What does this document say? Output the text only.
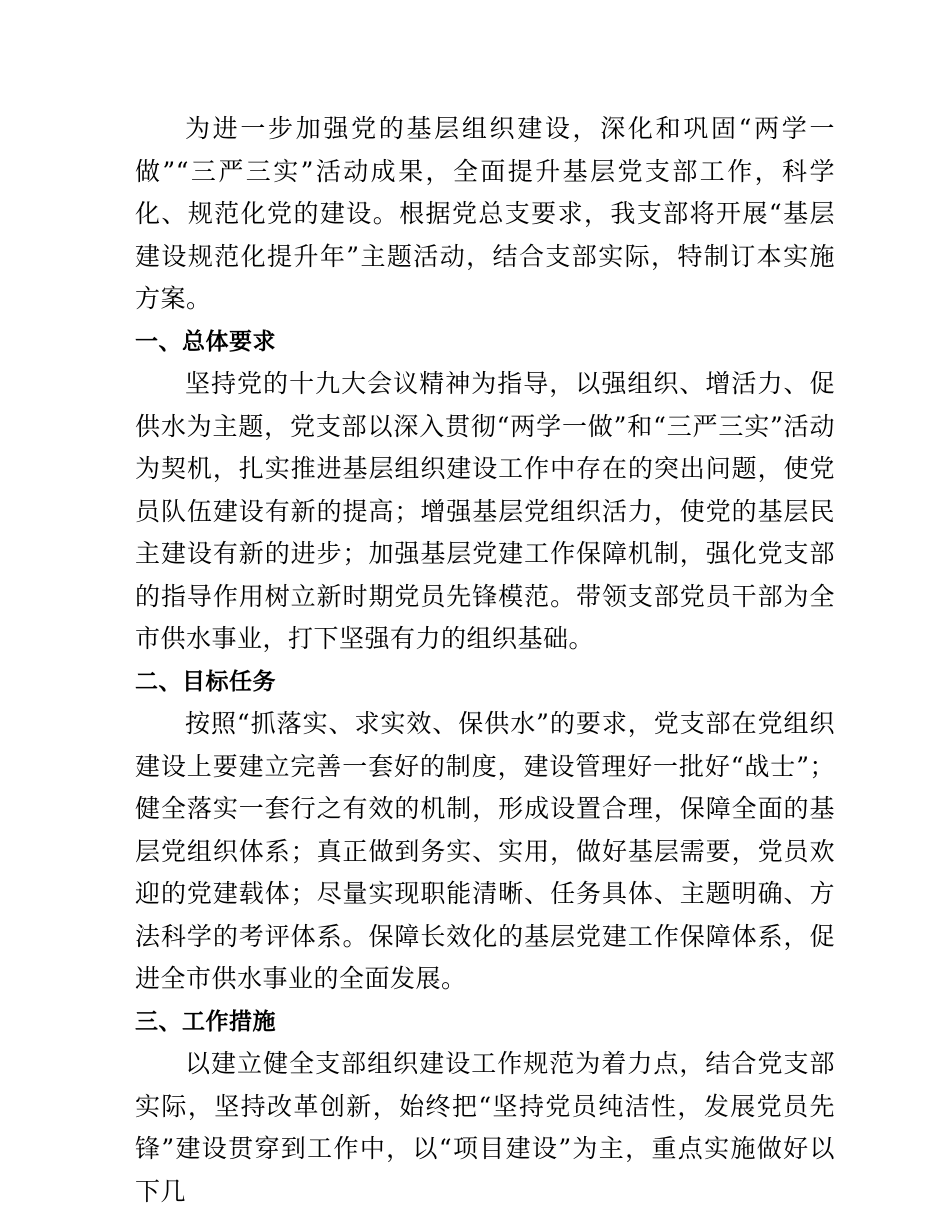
为进一步加强党的基层组织建设，深化和巩固“两学一做”“三严三实”活动成果，全面提升基层党支部工作，科学化、规范化党的建设。根据党总支要求，我支部将开展“基层建设规范化提升年”主题活动，结合支部实际，特制订本实施方案。

一、总体要求

坚持党的十九大会议精神为指导，以强组织、增活力、促供水为主题，党支部以深入贯彻“两学一做”和“三严三实”活动为契机，扎实推进基层组织建设工作中存在的突出问题，使党员队伍建设有新的提高；增强基层党组织活力，使党的基层民主建设有新的进步；加强基层党建工作保障机制，强化党支部的指导作用树立新时期党员先锋模范。带领支部党员干部为全市供水事业，打下坚强有力的组织基础。

二、目标任务

按照“抓落实、求实效、保供水”的要求，党支部在党组织建设上要建立完善一套好的制度，建设管理好一批好“战士”；健全落实一套行之有效的机制，形成设置合理，保障全面的基层党组织体系；真正做到务实、实用，做好基层需要，党员欢迎的党建载体；尽量实现职能清晰、任务具体、主题明确、方法科学的考评体系。保障长效化的基层党建工作保障体系，促进全市供水事业的全面发展。

三、工作措施

以建立健全支部组织建设工作规范为着力点，结合党支部实际，坚持改革创新，始终把“坚持党员纯洁性，发展党员先锋”建设贯穿到工作中，以“项目建设”为主，重点实施做好以下几
